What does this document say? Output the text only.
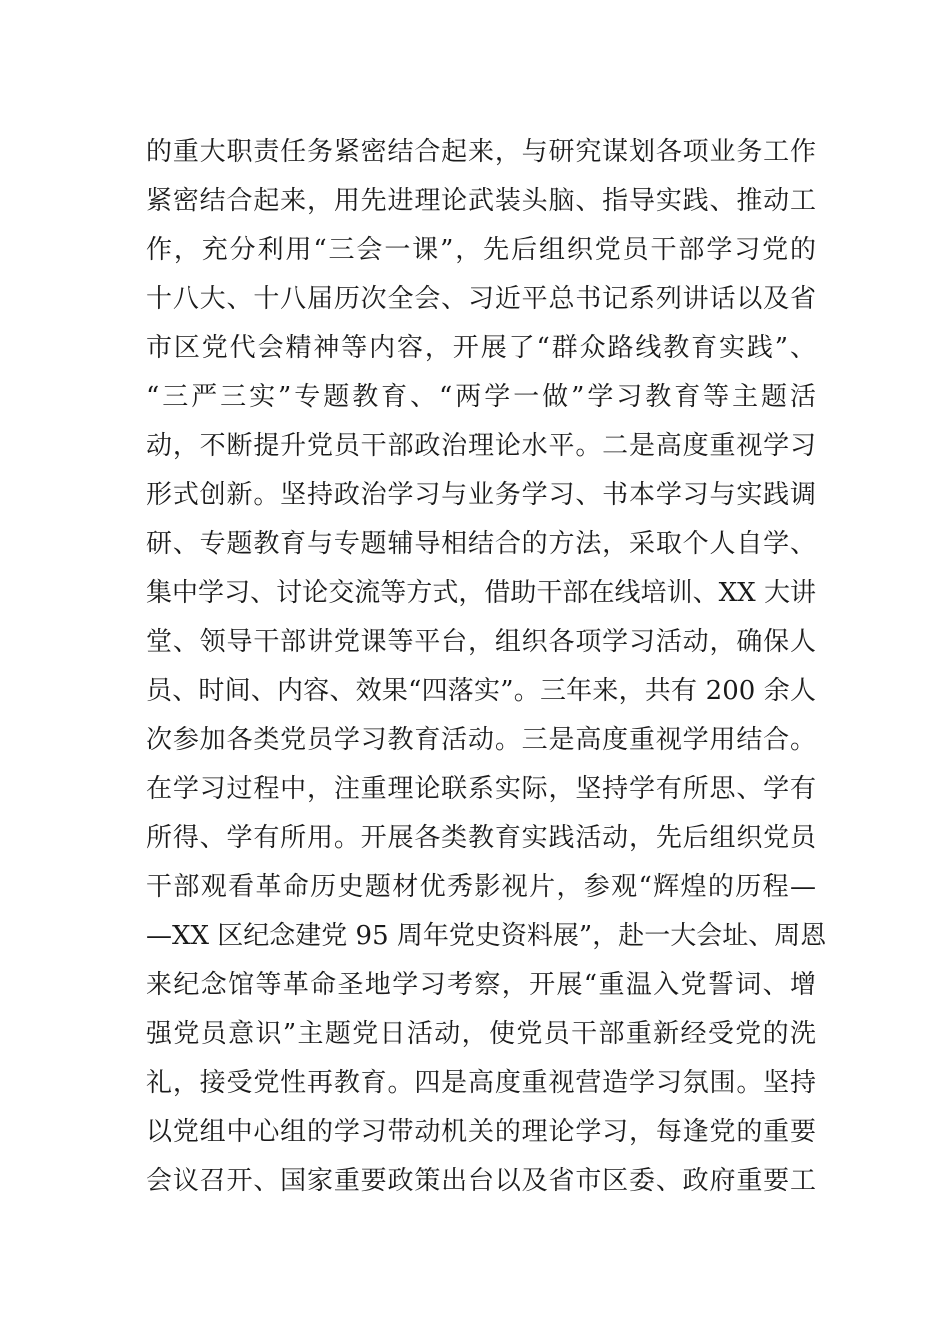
的重大职责任务紧密结合起来，与研究谋划各项业务工作
紧密结合起来，用先进理论武装头脑、指导实践、推动工
作，充分利用“三会一课”，先后组织党员干部学习党的
十八大、十八届历次全会、习近平总书记系列讲话以及省
市区党代会精神等内容，开展了“群众路线教育实践”、
“三严三实”专题教育、“两学一做”学习教育等主题活
动，不断提升党员干部政治理论水平。二是高度重视学习
形式创新。坚持政治学习与业务学习、书本学习与实践调
研、专题教育与专题辅导相结合的方法，采取个人自学、
集中学习、讨论交流等方式，借助干部在线培训、XX 大讲
堂、领导干部讲党课等平台，组织各项学习活动，确保人
员、时间、内容、效果“四落实”。三年来，共有 200 余人
次参加各类党员学习教育活动。三是高度重视学用结合。
在学习过程中，注重理论联系实际，坚持学有所思、学有
所得、学有所用。开展各类教育实践活动，先后组织党员
干部观看革命历史题材优秀影视片，参观“辉煌的历程—
—XX 区纪念建党 95 周年党史资料展”，赴一大会址、周恩
来纪念馆等革命圣地学习考察，开展“重温入党誓词、增
强党员意识”主题党日活动，使党员干部重新经受党的洗
礼，接受党性再教育。四是高度重视营造学习氛围。坚持
以党组中心组的学习带动机关的理论学习，每逢党的重要
会议召开、国家重要政策出台以及省市区委、政府重要工
